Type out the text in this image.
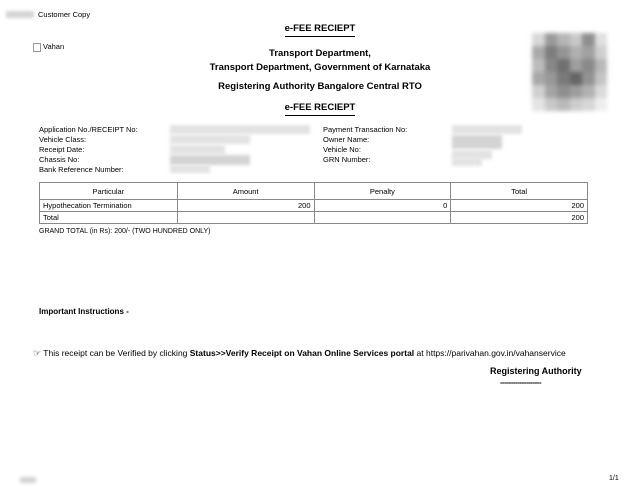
Customer Copy
e-FEE RECIEPT
Vahan
Transport Department,
Transport Department, Government of Karnataka
Registering Authority Bangalore Central RTO
e-FEE RECIEPT
Application No./RECEIPT No:
Vehicle Class:
Receipt Date:
Chassis No:
Bank Reference Number:
Payment Transaction No:
Owner Name:
Vehicle No:
GRN Number:
Particular	Amount	Penalty	Total
Hypothecation Termination	200	0	200
Total			200
GRAND TOTAL (in Rs): 200/- (TWO HUNDRED ONLY)
Important Instructions -
☞ This receipt can be Verified by clicking Status>>Verify Receipt on Vahan Online Services portal at https://parivahan.gov.in/vahanservice
Registering Authority
-------------------
1/1
